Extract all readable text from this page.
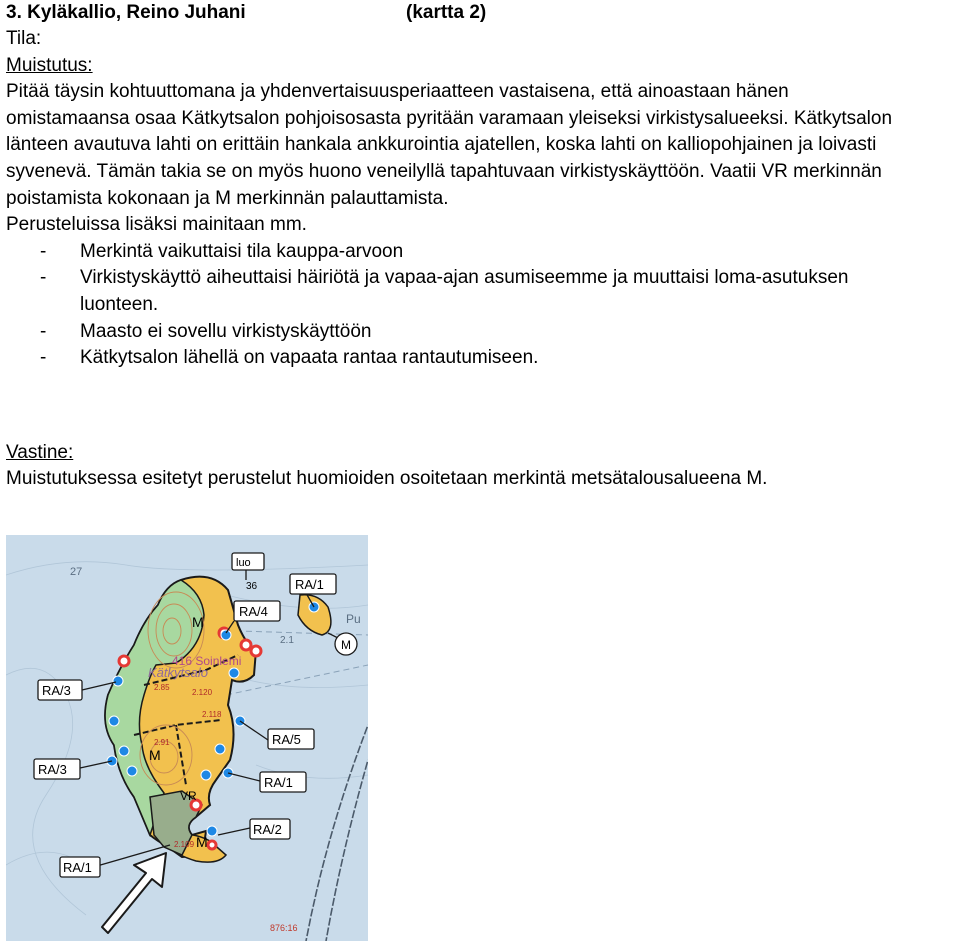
3. Kyläkallio, Reino Juhani	(kartta 2)

Tila:

Muistutus:

Pitää täysin kohtuuttomana ja yhdenvertaisuusperiaatteen vastaisena, että ainoastaan hänen

omistamaansa osaa Kätkytsalon pohjoisosasta pyritään varamaan yleiseksi virkistysalueeksi. Kätkytsalon

länteen avautuva lahti on erittäin hankala ankkurointia ajatellen, koska lahti on kalliopohjainen ja loivasti

syvenevä. Tämän takia se on myös huono veneilyllä tapahtuvaan virkistyskäyttöön. Vaatii VR merkinnän

poistamista kokonaan ja M merkinnän palauttamista.

Perusteluissa lisäksi mainitaan mm.

-	Merkintä vaikuttaisi tila kauppa-arvoon
-	Virkistyskäyttö aiheuttaisi häiriötä ja vapaa-ajan asumiseemme ja muuttaisi loma-asutuksen
luonteen.
-	Maasto ei sovellu virkistyskäyttöön
-	Kätkytsalon lähellä on vapaata rantaa rantautumiseen.

Vastine:

Muistutuksessa esitetyt perustelut huomioiden osoitetaan merkintä metsätalousalueena M.

luo
RA/1
RA/4
RA/3
RA/3
RA/5
RA/1
RA/2
RA/1
M
M
M
M
VR
27
36
2.1
Pu
416 Soinlemi
Kätkytsalo
2.85
2.120
2.118
2.91
2.109
876:16
